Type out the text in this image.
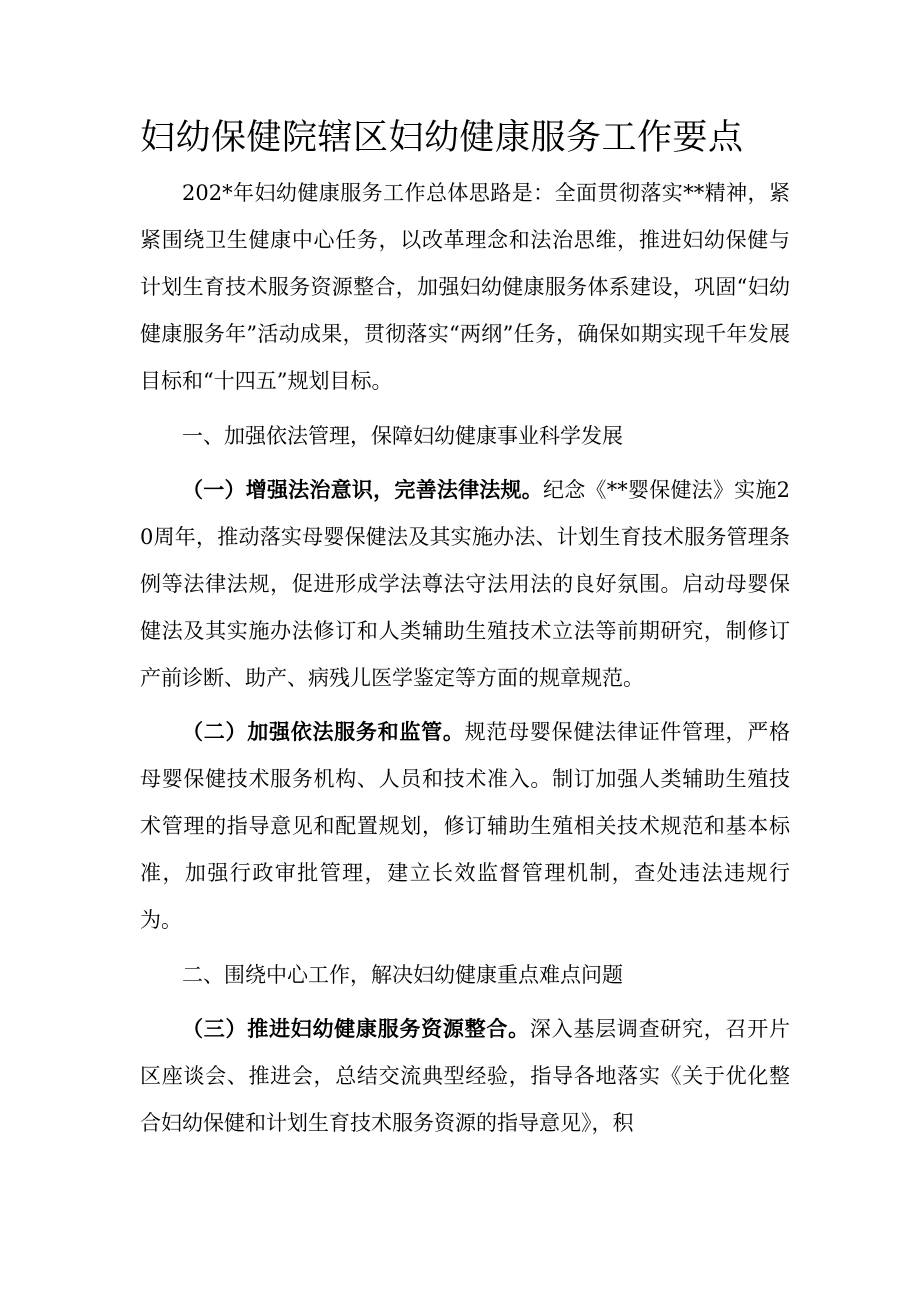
妇幼保健院辖区妇幼健康服务工作要点

202*年妇幼健康服务工作总体思路是：全面贯彻落实**精神，紧紧围绕卫生健康中心任务，以改革理念和法治思维，推进妇幼保健与计划生育技术服务资源整合，加强妇幼健康服务体系建设，巩固“妇幼健康服务年”活动成果，贯彻落实“两纲”任务，确保如期实现千年发展目标和“十四五”规划目标。

一、加强依法管理，保障妇幼健康事业科学发展

（一）增强法治意识，完善法律法规。纪念《**婴保健法》实施20周年，推动落实母婴保健法及其实施办法、计划生育技术服务管理条例等法律法规，促进形成学法尊法守法用法的良好氛围。启动母婴保健法及其实施办法修订和人类辅助生殖技术立法等前期研究，制修订产前诊断、助产、病残儿医学鉴定等方面的规章规范。

（二）加强依法服务和监管。规范母婴保健法律证件管理，严格母婴保健技术服务机构、人员和技术准入。制订加强人类辅助生殖技术管理的指导意见和配置规划，修订辅助生殖相关技术规范和基本标准，加强行政审批管理，建立长效监督管理机制，查处违法违规行为。

二、围绕中心工作，解决妇幼健康重点难点问题

（三）推进妇幼健康服务资源整合。深入基层调查研究，召开片区座谈会、推进会，总结交流典型经验，指导各地落实《关于优化整合妇幼保健和计划生育技术服务资源的指导意见》，积
